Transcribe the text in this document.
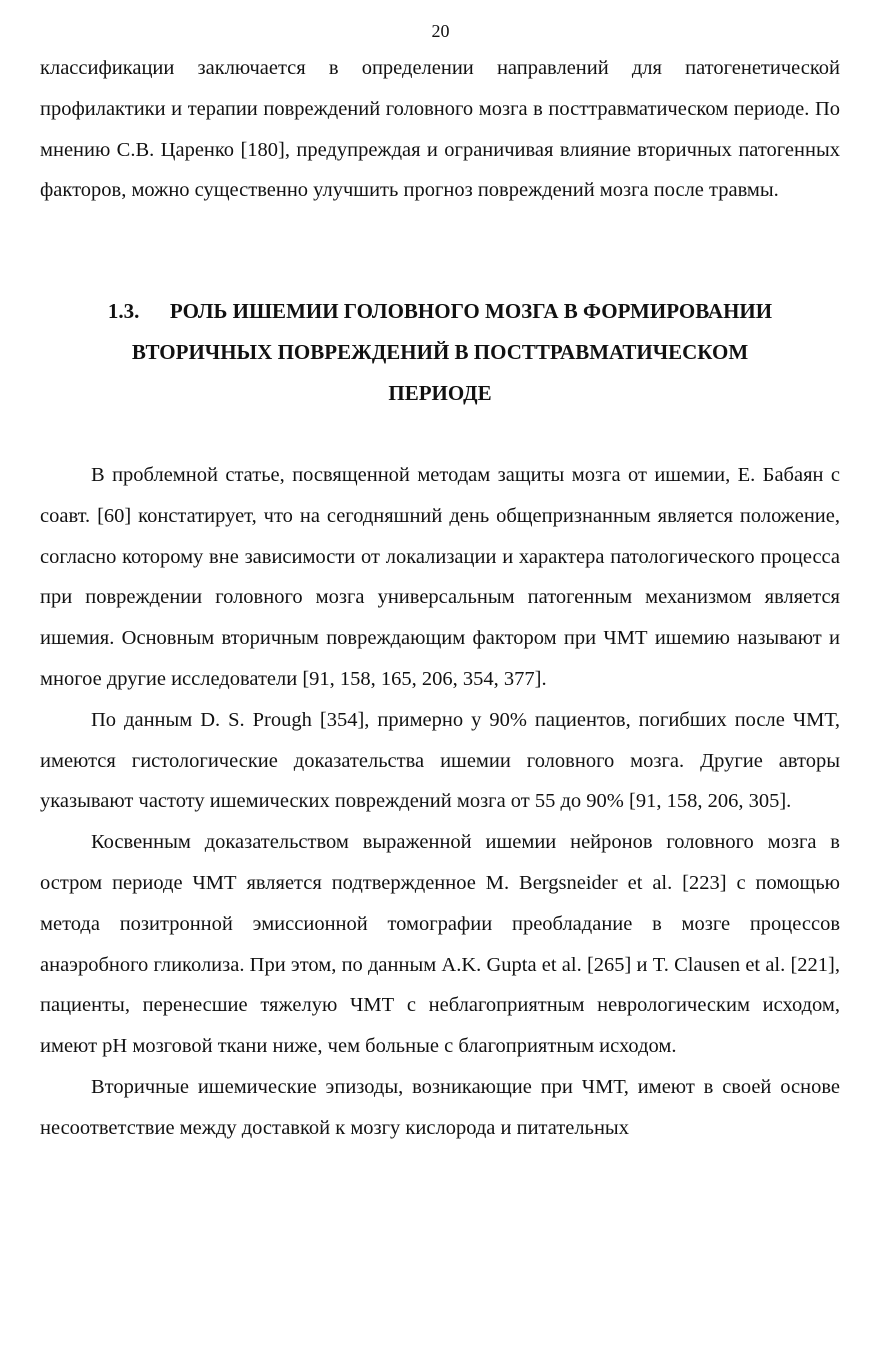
20

классификации заключается в определении направлений для патогенетической профилактики и терапии повреждений головного мозга в посттравматическом периоде. По мнению С.В. Царенко [180], предупреждая и ограничивая влияние вторичных патогенных факторов, можно существенно улучшить прогноз повреждений мозга после травмы.

1.3. РОЛЬ ИШЕМИИ ГОЛОВНОГО МОЗГА В ФОРМИРОВАНИИ
ВТОРИЧНЫХ ПОВРЕЖДЕНИЙ В ПОСТТРАВМАТИЧЕСКОМ
ПЕРИОДЕ

В проблемной статье, посвященной методам защиты мозга от ишемии, Е. Бабаян с соавт. [60] констатирует, что на сегодняшний день общепризнанным является положение, согласно которому вне зависимости от локализации и характера патологического процесса при повреждении головного мозга универсальным патогенным механизмом является ишемия. Основным вторичным повреждающим фактором при ЧМТ ишемию называют и многое другие исследователи [91, 158, 165, 206, 354, 377].

По данным D. S. Prough [354], примерно у 90% пациентов, погибших после ЧМТ, имеются гистологические доказательства ишемии головного мозга. Другие авторы указывают частоту ишемических повреждений мозга от 55 до 90% [91, 158, 206, 305].

Косвенным доказательством выраженной ишемии нейронов головного мозга в остром периоде ЧМТ является подтвержденное M. Bergsneider et al. [223] с помощью метода позитронной эмиссионной томографии преобладание в мозге процессов анаэробного гликолиза. При этом, по данным A.K. Gupta et al. [265] и T. Clausen et al. [221], пациенты, перенесшие тяжелую ЧМТ с неблагоприятным неврологическим исходом, имеют pH мозговой ткани ниже, чем больные с благоприятным исходом.

Вторичные ишемические эпизоды, возникающие при ЧМТ, имеют в своей основе несоответствие между доставкой к мозгу кислорода и питательных
